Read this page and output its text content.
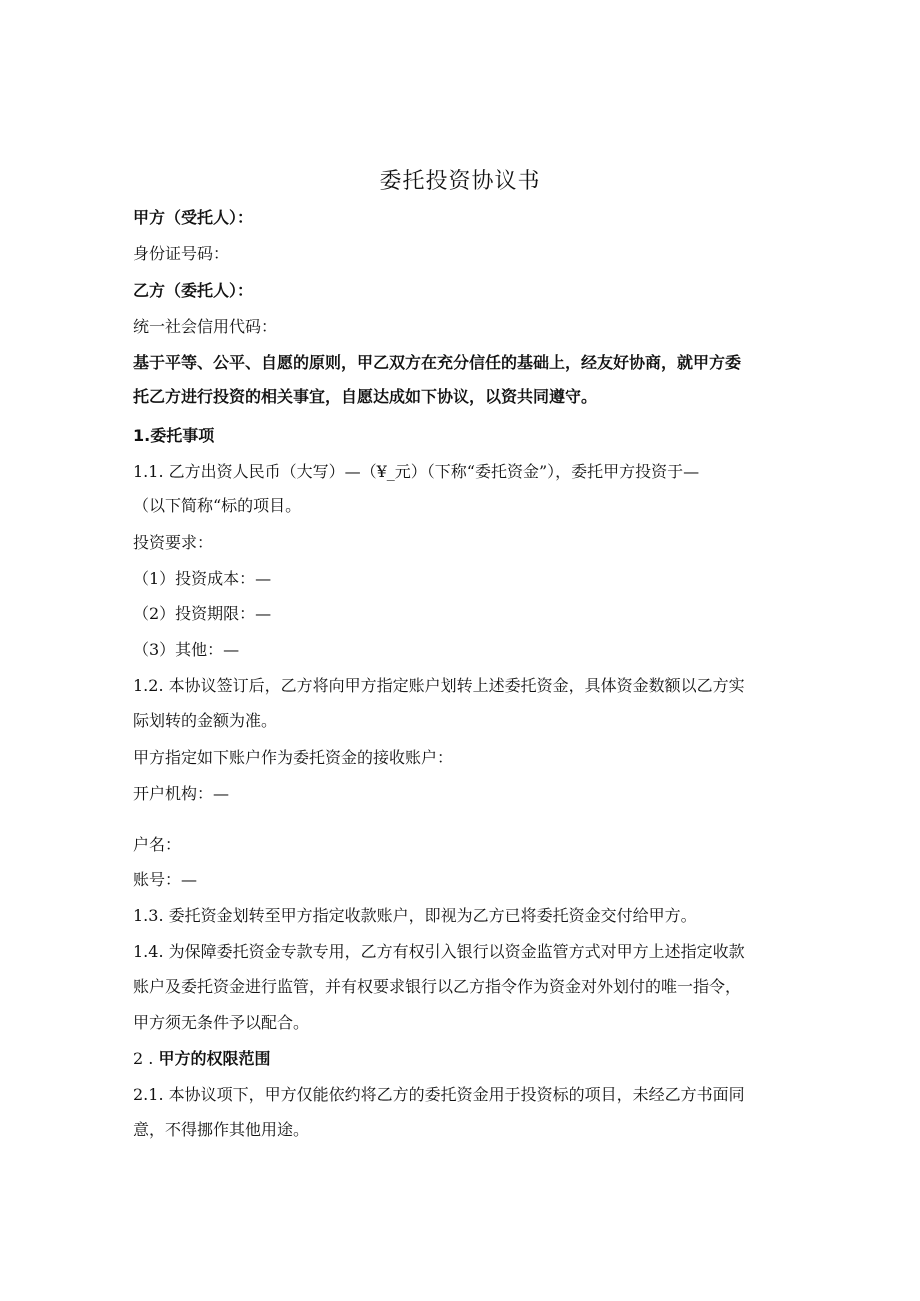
委托投资协议书
甲方（受托人）：
身份证号码：
乙方（委托人）：
统一社会信用代码：
基于平等、公平、自愿的原则，甲乙双方在充分信任的基础上，经友好协商，就甲方委
托乙方进行投资的相关事宜，自愿达成如下协议，以资共同遵守。
1.委托事项
1.1. 乙方出资人民币（大写）—（¥_元）（下称“委托资金”），委托甲方投资于—
（以下简称“标的项目。
投资要求：
（1）投资成本：—
（2）投资期限：—
（3）其他：—
1.2. 本协议签订后，乙方将向甲方指定账户划转上述委托资金，具体资金数额以乙方实
际划转的金额为准。
甲方指定如下账户作为委托资金的接收账户：
开户机构：—
户名：
账号：—
1.3. 委托资金划转至甲方指定收款账户，即视为乙方已将委托资金交付给甲方。
1.4. 为保障委托资金专款专用，乙方有权引入银行以资金监管方式对甲方上述指定收款
账户及委托资金进行监管，并有权要求银行以乙方指令作为资金对外划付的唯一指令，
甲方须无条件予以配合。
2 . 甲方的权限范围
2.1. 本协议项下，甲方仅能依约将乙方的委托资金用于投资标的项目，未经乙方书面同
意，不得挪作其他用途。
